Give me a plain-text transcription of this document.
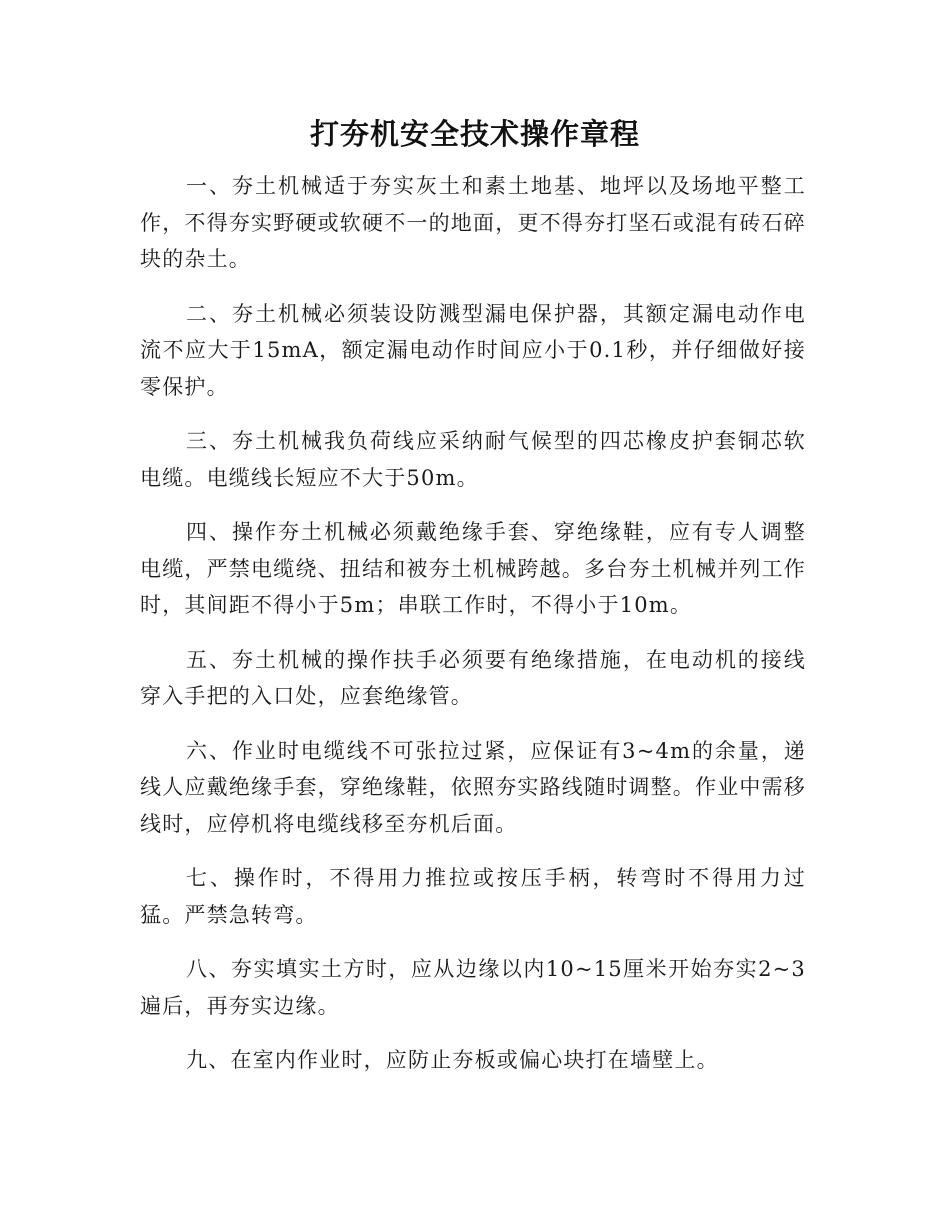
打夯机安全技术操作章程

一、夯土机械适于夯实灰土和素土地基、地坪以及场地平整工作，不得夯实野硬或软硬不一的地面，更不得夯打坚石或混有砖石碎块的杂土。

二、夯土机械必须装设防溅型漏电保护器，其额定漏电动作电流不应大于15mA，额定漏电动作时间应小于0.1秒，并仔细做好接零保护。

三、夯土机械我负荷线应采纳耐气候型的四芯橡皮护套铜芯软电缆。电缆线长短应不大于50m。

四、操作夯土机械必须戴绝缘手套、穿绝缘鞋，应有专人调整电缆，严禁电缆绕、扭结和被夯土机械跨越。多台夯土机械并列工作时，其间距不得小于5m；串联工作时，不得小于10m。

五、夯土机械的操作扶手必须要有绝缘措施，在电动机的接线穿入手把的入口处，应套绝缘管。

六、作业时电缆线不可张拉过紧，应保证有3~4m的余量，递线人应戴绝缘手套，穿绝缘鞋，依照夯实路线随时调整。作业中需移线时，应停机将电缆线移至夯机后面。

七、操作时，不得用力推拉或按压手柄，转弯时不得用力过猛。严禁急转弯。

八、夯实填实土方时，应从边缘以内10~15厘米开始夯实2~3遍后，再夯实边缘。

九、在室内作业时，应防止夯板或偏心块打在墙壁上。
